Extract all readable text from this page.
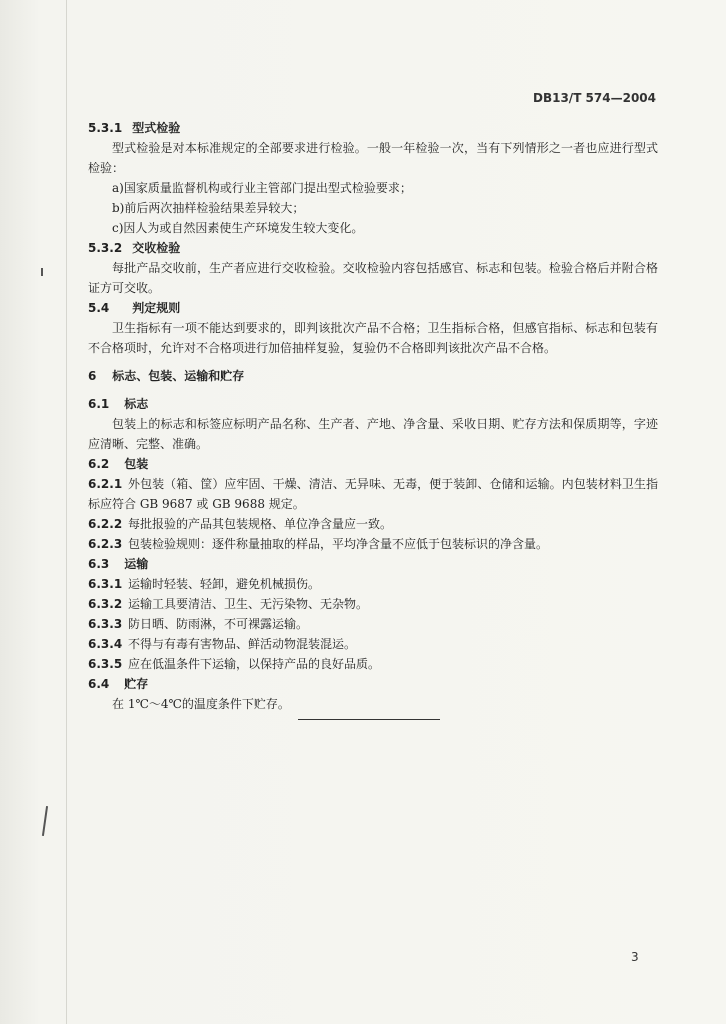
DB13/T 574—2004

5.3.1 型式检验

型式检验是对本标准规定的全部要求进行检验。一般一年检验一次，当有下列情形之一者也应进行型式检验：

a)国家质量监督机构或行业主管部门提出型式检验要求；

b)前后两次抽样检验结果差异较大；

c)因人为或自然因素使生产环境发生较大变化。

5.3.2 交收检验

每批产品交收前，生产者应进行交收检验。交收检验内容包括感官、标志和包装。检验合格后并附合格证方可交收。

5.4 判定规则

卫生指标有一项不能达到要求的，即判该批次产品不合格；卫生指标合格，但感官指标、标志和包装有不合格项时，允许对不合格项进行加倍抽样复验，复验仍不合格即判该批次产品不合格。

6 标志、包装、运输和贮存

6.1 标志

包装上的标志和标签应标明产品名称、生产者、产地、净含量、采收日期、贮存方法和保质期等，字迹应清晰、完整、准确。

6.2 包装

6.2.1 外包装（箱、筐）应牢固、干燥、清洁、无异味、无毒，便于装卸、仓储和运输。内包装材料卫生指标应符合 GB 9687 或 GB 9688 规定。

6.2.2 每批报验的产品其包装规格、单位净含量应一致。

6.2.3 包装检验规则：逐件称量抽取的样品，平均净含量不应低于包装标识的净含量。

6.3 运输

6.3.1 运输时轻装、轻卸，避免机械损伤。

6.3.2 运输工具要清洁、卫生、无污染物、无杂物。

6.3.3 防日晒、防雨淋，不可裸露运输。

6.3.4 不得与有毒有害物品、鲜活动物混装混运。

6.3.5 应在低温条件下运输，以保持产品的良好品质。

6.4 贮存

在 1℃～4℃的温度条件下贮存。

3
